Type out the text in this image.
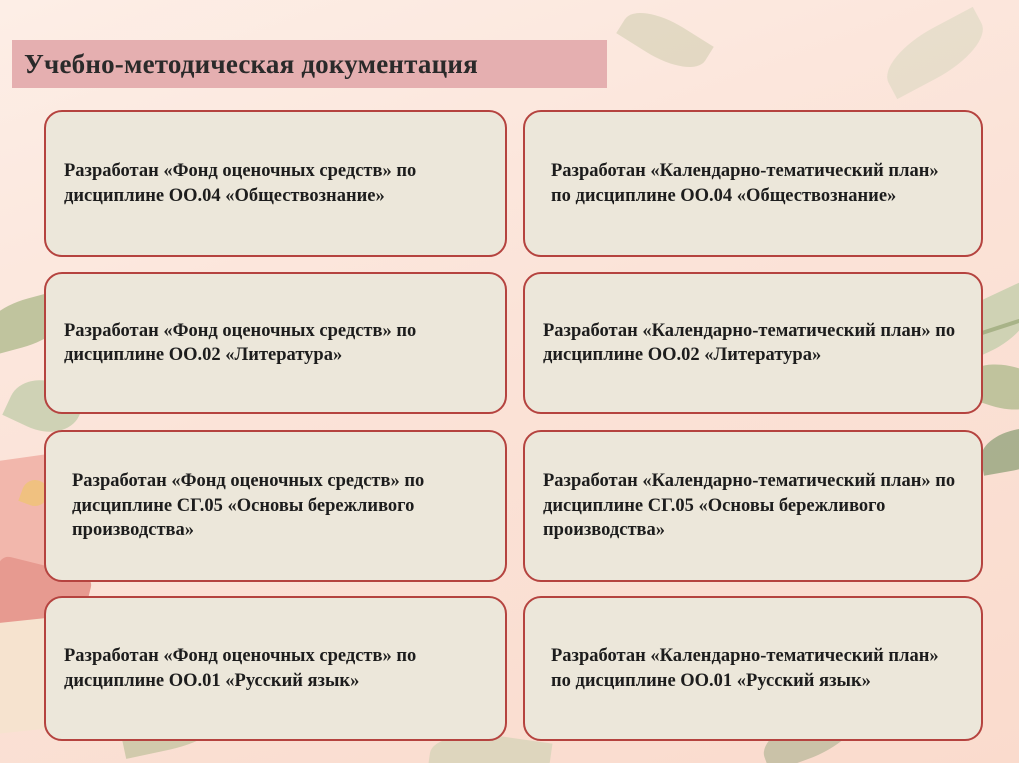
Учебно-методическая документация

Разработан «Фонд оценочных средств» по дисциплине ОО.04 «Обществознание»

Разработан «Фонд оценочных средств» по дисциплине ОО.02 «Литература»

Разработан «Фонд оценочных средств» по дисциплине СГ.05 «Основы бережливого производства»

Разработан «Фонд оценочных средств» по дисциплине ОО.01 «Русский язык»

Разработан «Календарно-тематический план» по дисциплине ОО.04 «Обществознание»

Разработан «Календарно-тематический план» по дисциплине ОО.02 «Литература»

Разработан «Календарно-тематический план» по дисциплине СГ.05 «Основы бережливого производства»

Разработан «Календарно-тематический план» по дисциплине ОО.01 «Русский язык»
